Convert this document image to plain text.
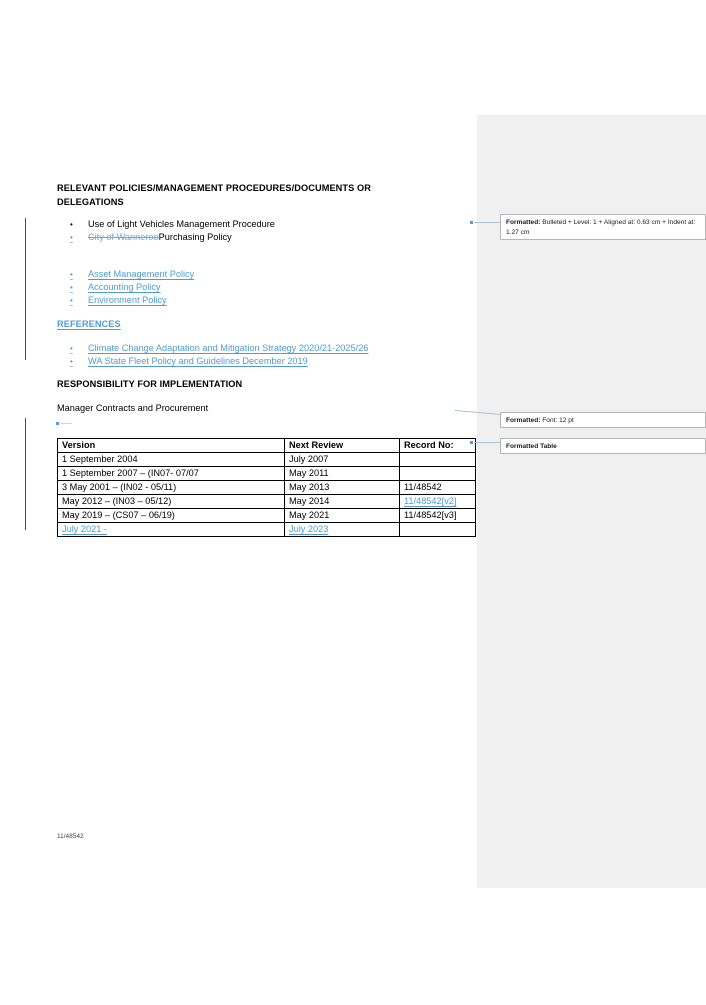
RELEVANT POLICIES/MANAGEMENT PROCEDURES/DOCUMENTS OR
DELEGATIONS
• Use of Light Vehicles Management Procedure
• City of WannerooPurchasing Policy
• Asset Management Policy
• Accounting Policy
• Environment Policy
REFERENCES
• Climate Change Adaptation and Mitigation Strategy 2020/21-2025/26
• WA State Fleet Policy and Guidelines December 2019
RESPONSIBILITY FOR IMPLEMENTATION
Manager Contracts and Procurement
Version	Next Review	Record No:
1 September 2004	July 2007	
1 September 2007 – (IN07- 07/07	May 2011	
3 May 2001 – (IN02 - 05/11)	May 2013	11/48542
May 2012 – (IN03 – 05/12)	May 2014	11/48542[v2]
May 2019 – (CS07 – 06/19)	May 2021	11/48542[v3]
July 2021 -	July 2023	
11/48542
Formatted: Bulleted + Level: 1 + Aligned at: 0.63 cm + Indent at: 1.27 cm
Formatted: Font: 12 pt
Formatted Table
